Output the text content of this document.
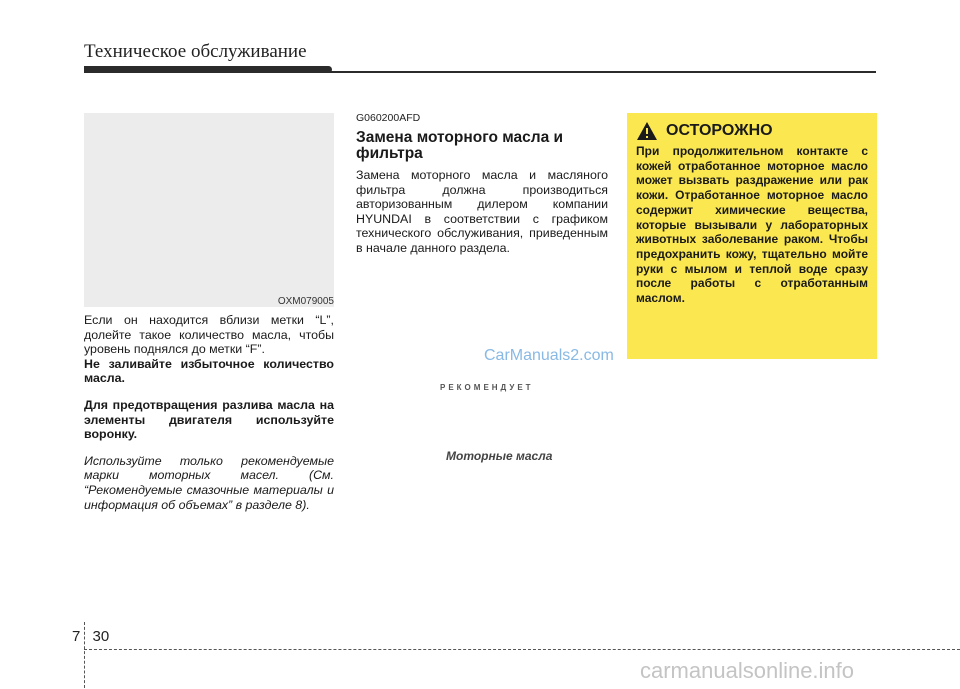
Техническое обслуживание
OXM079005

Если он находится вблизи метки “L”, долейте такое количество масла, чтобы уровень поднялся до метки “F”.

Не заливайте избыточное количество масла.

Для предотвращения разлива масла на элементы двигателя используйте воронку.

Используйте только рекомендуемые марки моторных масел. (См. “Рекомендуемые смазочные материалы и информация об объемах” в разделе 8).

G060200AFD

Замена моторного масла и фильтра

Замена моторного масла и масляного фильтра должна производиться авторизованным дилером компании HYUNDAI в соответствии с графиком технического обслуживания, приведенным в начале данного раздела.

ОСТОРОЖНО

При продолжительном контакте с кожей отработанное моторное масло может вызвать раздражение или рак кожи. Отработанное моторное масло содержит химические вещества, которые вызывали у лабораторных животных заболевание раком. Чтобы предохранить кожу, тщательно мойте руки с мылом и теплой воде сразу после работы с отработанным маслом.

CarManuals2.com
РЕКОМЕНДУЕТ
Моторные масла
7 30
carmanualsonline.info
